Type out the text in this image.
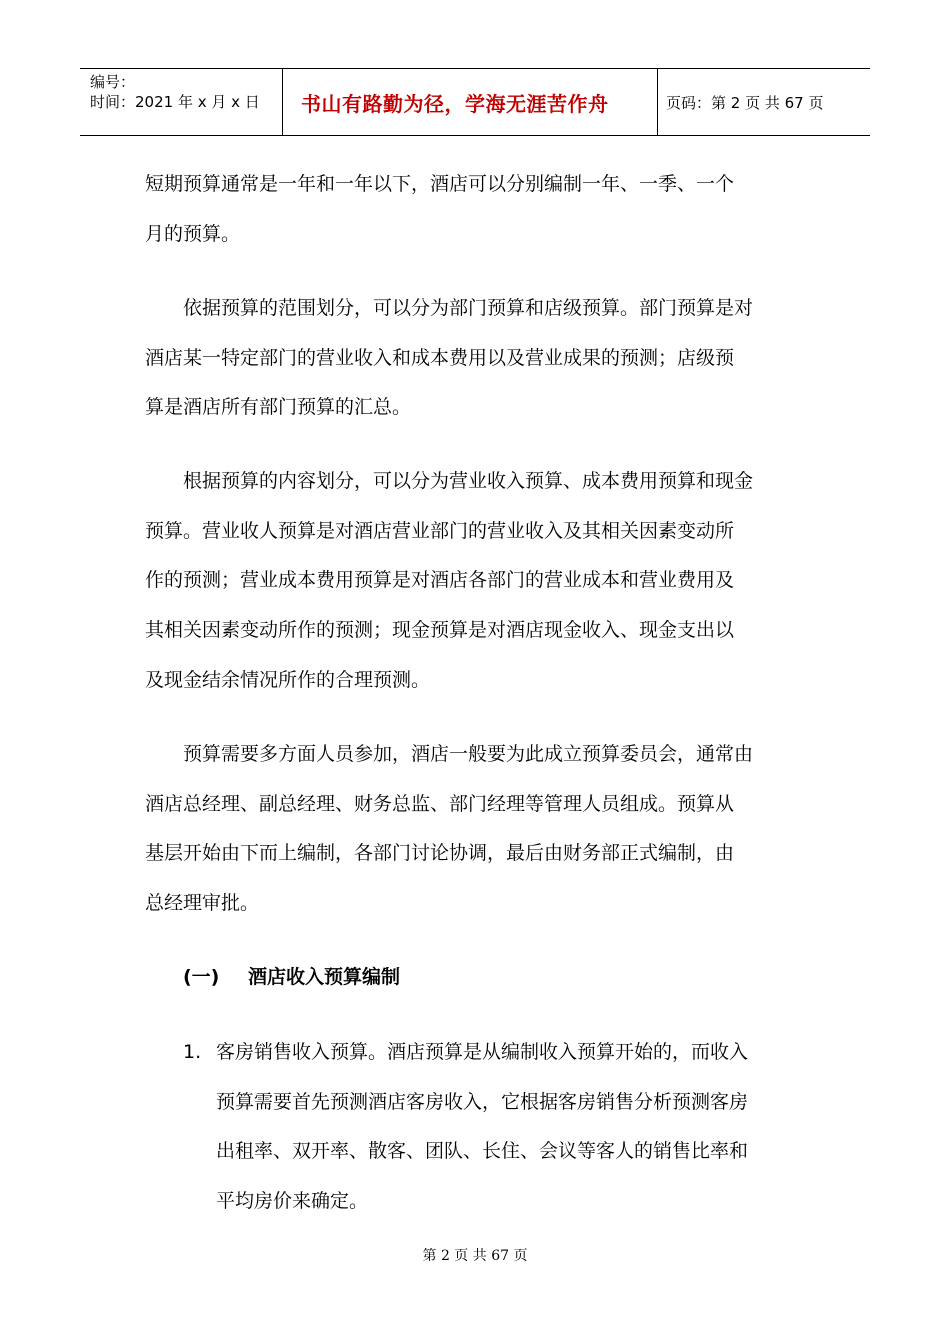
编号：
时间：2021 年 x 月 x 日	书山有路勤为径，学海无涯苦作舟	页码：第 2 页 共 67 页
短期预算通常是一年和一年以下，酒店可以分别编制一年、一季、一个
月的预算。
依据预算的范围划分，可以分为部门预算和店级预算。部门预算是对
酒店某一特定部门的营业收入和成本费用以及营业成果的预测；店级预
算是酒店所有部门预算的汇总。
根据预算的内容划分，可以分为营业收入预算、成本费用预算和现金
预算。营业收人预算是对酒店营业部门的营业收入及其相关因素变动所
作的预测；营业成本费用预算是对酒店各部门的营业成本和营业费用及
其相关因素变动所作的预测；现金预算是对酒店现金收入、现金支出以
及现金结余情况所作的合理预测。
预算需要多方面人员参加，酒店一般要为此成立预算委员会，通常由
酒店总经理、副总经理、财务总监、部门经理等管理人员组成。预算从
基层开始由下而上编制，各部门讨论协调，最后由财务部正式编制，由
总经理审批。
(一) 酒店收入预算编制
1. 客房销售收入预算。酒店预算是从编制收入预算开始的，而收入
预算需要首先预测酒店客房收入，它根据客房销售分析预测客房
出租率、双开率、散客、团队、长住、会议等客人的销售比率和
平均房价来确定。
第 2 页 共 67 页
